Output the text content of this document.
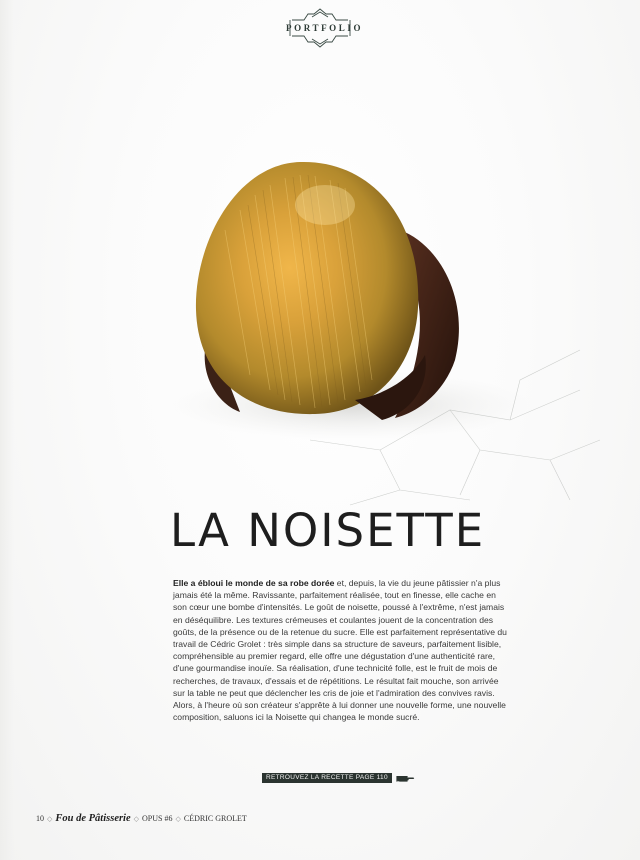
PORTFOLIO
LA NOISETTE

Elle a ébloui le monde de sa robe dorée et, depuis, la vie du jeune pâtissier n'a plus jamais été la même. Ravissante, parfaitement réalisée, tout en finesse, elle cache en son cœur une bombe d'intensités. Le goût de noisette, poussé à l'extrême, n'est jamais en déséquilibre. Les textures crémeuses et coulantes jouent de la concentration des goûts, de la présence ou de la retenue du sucre. Elle est parfaitement représentative du travail de Cédric Grolet : très simple dans sa structure de saveurs, parfaitement lisible, compréhensible au premier regard, elle offre une dégustation d'une authenticité rare, d'une gourmandise inouïe. Sa réalisation, d'une technicité folle, est le fruit de mois de recherches, de travaux, d'essais et de répétitions. Le résultat fait mouche, son arrivée sur la table ne peut que déclencher les cris de joie et l'admiration des convives ravis. Alors, à l'heure où son créateur s'apprête à lui donner une nouvelle forme, une nouvelle composition, saluons ici la Noisette qui changea le monde sucré.

RETROUVEZ LA RECETTE PAGE 110
10 ◇ Fou de Pâtisserie ◇ OPUS #6 ◇ CÉDRIC GROLET
